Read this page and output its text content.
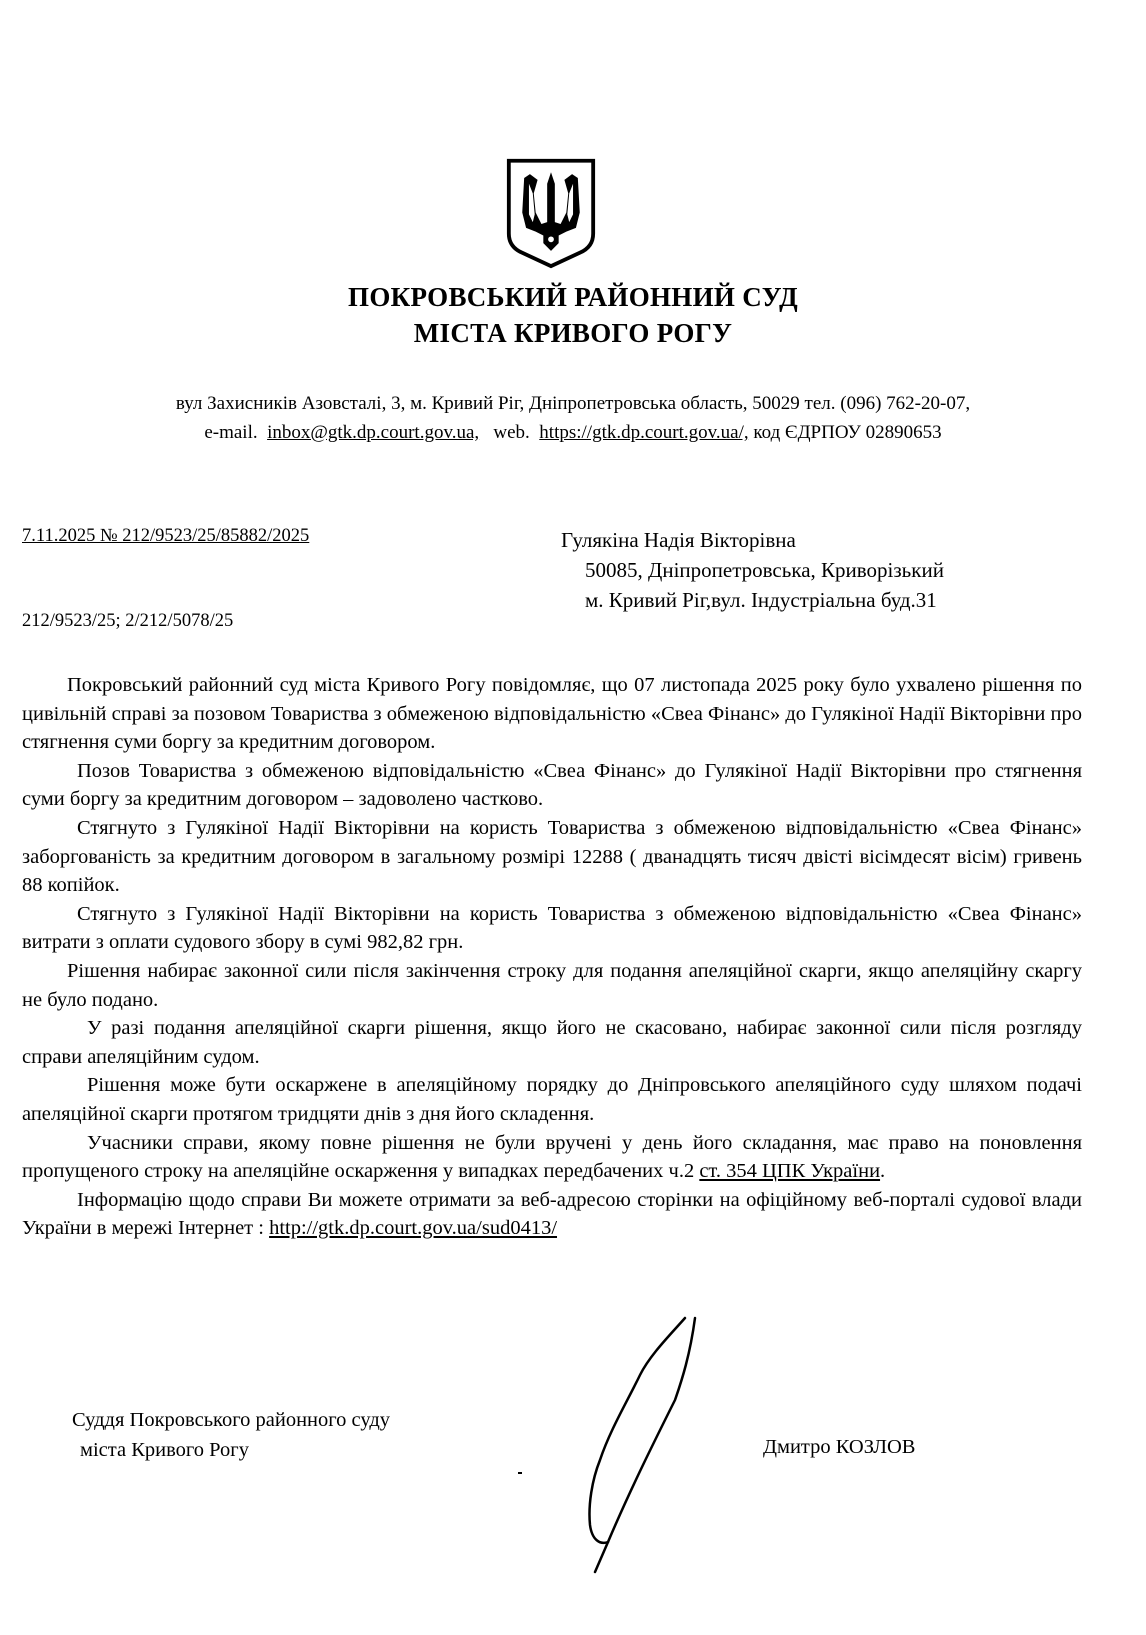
ПОКРОВСЬКИЙ РАЙОННИЙ СУД
МІСТА КРИВОГО РОГУ
вул Захисників Азовсталі, 3, м. Кривий Ріг, Дніпропетровська область, 50029 тел. (096) 762-20-07,
e-mail. inbox@gtk.dp.court.gov.ua, web. https://gtk.dp.court.gov.ua/, код ЄДРПОУ 02890653
7.11.2025 № 212/9523/25/85882/2025
212/9523/25; 2/212/5078/25
Гулякіна Надія Вікторівна
50085, Дніпропетровська, Криворізький
м. Кривий Ріг,вул. Індустріальна буд.31

Покровський районний суд міста Кривого Рогу повідомляє, що 07 листопада 2025 року було ухвалено рішення по цивільній справі за позовом Товариства з обмеженою відповідальністю «Свеа Фінанс» до Гулякіної Надії Вікторівни про стягнення суми боргу за кредитним договором.

Позов Товариства з обмеженою відповідальністю «Свеа Фінанс» до Гулякіної Надії Вікторівни про стягнення суми боргу за кредитним договором – задоволено частково.

Стягнуто з Гулякіної Надії Вікторівни на користь Товариства з обмеженою відповідальністю «Свеа Фінанс» заборгованість за кредитним договором в загальному розмірі 12288 ( дванадцять тисяч двісті вісімдесят вісім) гривень 88 копійок.

Стягнуто з Гулякіної Надії Вікторівни на користь Товариства з обмеженою відповідальністю «Свеа Фінанс» витрати з оплати судового збору в сумі 982,82 грн.

Рішення набирає законної сили після закінчення строку для подання апеляційної скарги, якщо апеляційну скаргу не було подано.

У разі подання апеляційної скарги рішення, якщо його не скасовано, набирає законної сили після розгляду справи апеляційним судом.

Рішення може бути оскаржене в апеляційному порядку до Дніпровського апеляційного суду шляхом подачі апеляційної скарги протягом тридцяти днів з дня його складення.

Учасники справи, якому повне рішення не були вручені у день його складання, має право на поновлення пропущеного строку на апеляційне оскарження у випадках передбачених ч.2 ст. 354 ЦПК України.

Інформацію щодо справи Ви можете отримати за веб-адресою сторінки на офіційному веб-порталі судової влади України в мережі Інтернет : http://gtk.dp.court.gov.ua/sud0413/

Суддя Покровського районного суду
міста Кривого Рогу	Дмитро КОЗЛОВ
